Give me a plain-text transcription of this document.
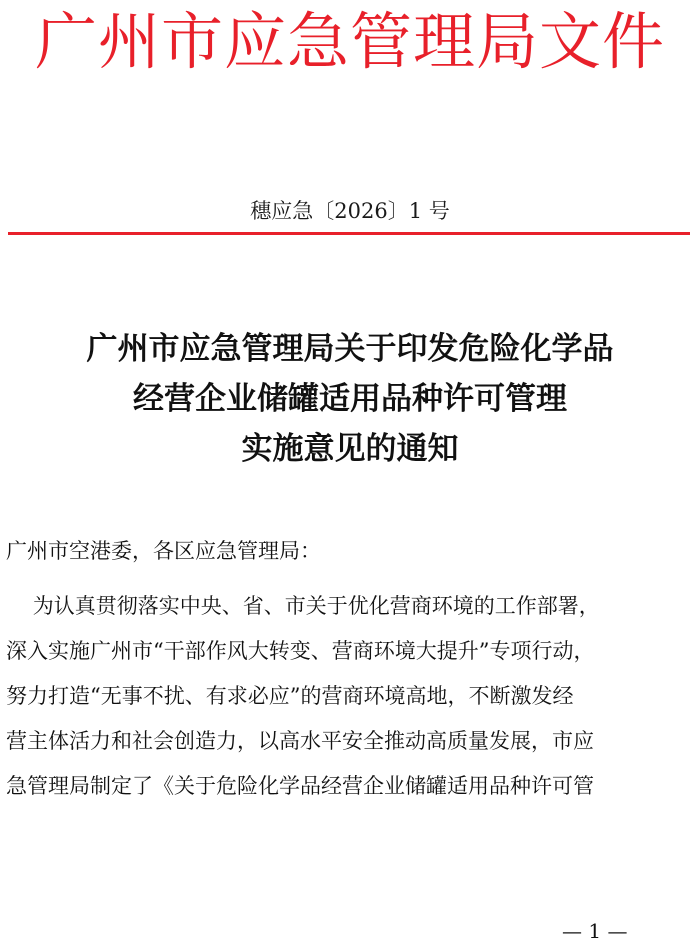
广州市应急管理局文件
穗应急〔2026〕1 号
广州市应急管理局关于印发危险化学品
经营企业储罐适用品种许可管理
实施意见的通知
广州市空港委，各区应急管理局：
为认真贯彻落实中央、省、市关于优化营商环境的工作部署，
深入实施广州市“干部作风大转变、营商环境大提升”专项行动，
努力打造“无事不扰、有求必应”的营商环境高地，不断激发经
营主体活力和社会创造力，以高水平安全推动高质量发展，市应
急管理局制定了《关于危险化学品经营企业储罐适用品种许可管
— 1 —
